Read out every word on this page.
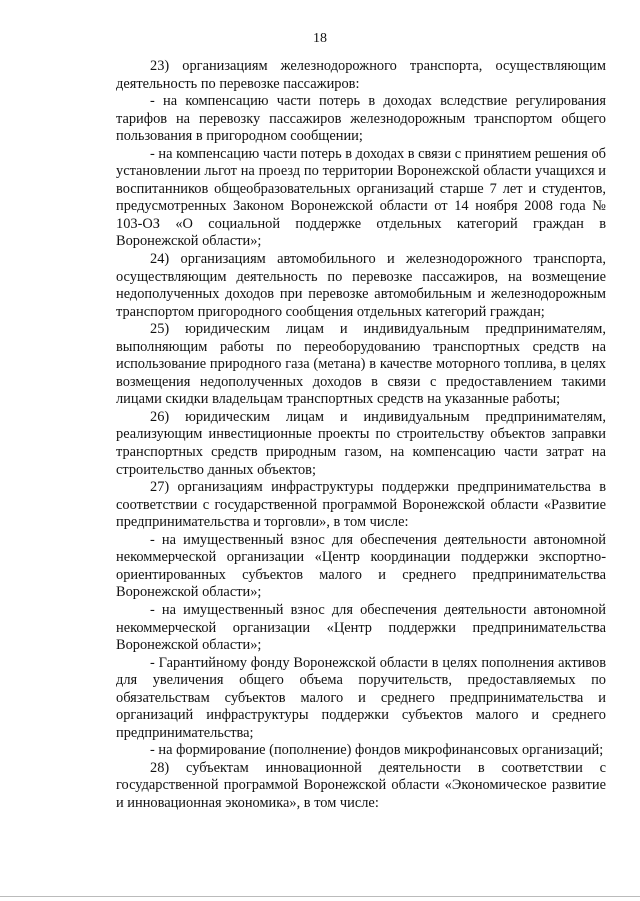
18

23) организациям железнодорожного транспорта, осуществляющим деятельность по перевозке пассажиров:

- на компенсацию части потерь в доходах вследствие регулирования тарифов на перевозку пассажиров железнодорожным транспортом общего пользования в пригородном сообщении;

- на компенсацию части потерь в доходах в связи с принятием решения об установлении льгот на проезд по территории Воронежской области учащихся и воспитанников общеобразовательных организаций старше 7 лет и студентов, предусмотренных Законом Воронежской области от 14 ноября 2008 года № 103-ОЗ «О социальной поддержке отдельных категорий граждан в Воронежской области»;

24) организациям автомобильного и железнодорожного транспорта, осуществляющим деятельность по перевозке пассажиров, на возмещение недополученных доходов при перевозке автомобильным и железнодорожным транспортом пригородного сообщения отдельных категорий граждан;

25) юридическим лицам и индивидуальным предпринимателям, выполняющим работы по переоборудованию транспортных средств на использование природного газа (метана) в качестве моторного топлива, в целях возмещения недополученных доходов в связи с предоставлением такими лицами скидки владельцам транспортных средств на указанные работы;

26) юридическим лицам и индивидуальным предпринимателям, реализующим инвестиционные проекты по строительству объектов заправки транспортных средств природным газом, на компенсацию части затрат на строительство данных объектов;

27) организациям инфраструктуры поддержки предпринимательства в соответствии с государственной программой Воронежской области «Развитие предпринимательства и торговли», в том числе:

- на имущественный взнос для обеспечения деятельности автономной некоммерческой организации «Центр координации поддержки экспортно-ориентированных субъектов малого и среднего предпринимательства Воронежской области»;

- на имущественный взнос для обеспечения деятельности автономной некоммерческой организации «Центр поддержки предпринимательства Воронежской области»;

- Гарантийному фонду Воронежской области в целях пополнения активов для увеличения общего объема поручительств, предоставляемых по обязательствам субъектов малого и среднего предпринимательства и организаций инфраструктуры поддержки субъектов малого и среднего предпринимательства;

- на формирование (пополнение) фондов микрофинансовых организаций;

28) субъектам инновационной деятельности в соответствии с государственной программой Воронежской области «Экономическое развитие и инновационная экономика», в том числе:
